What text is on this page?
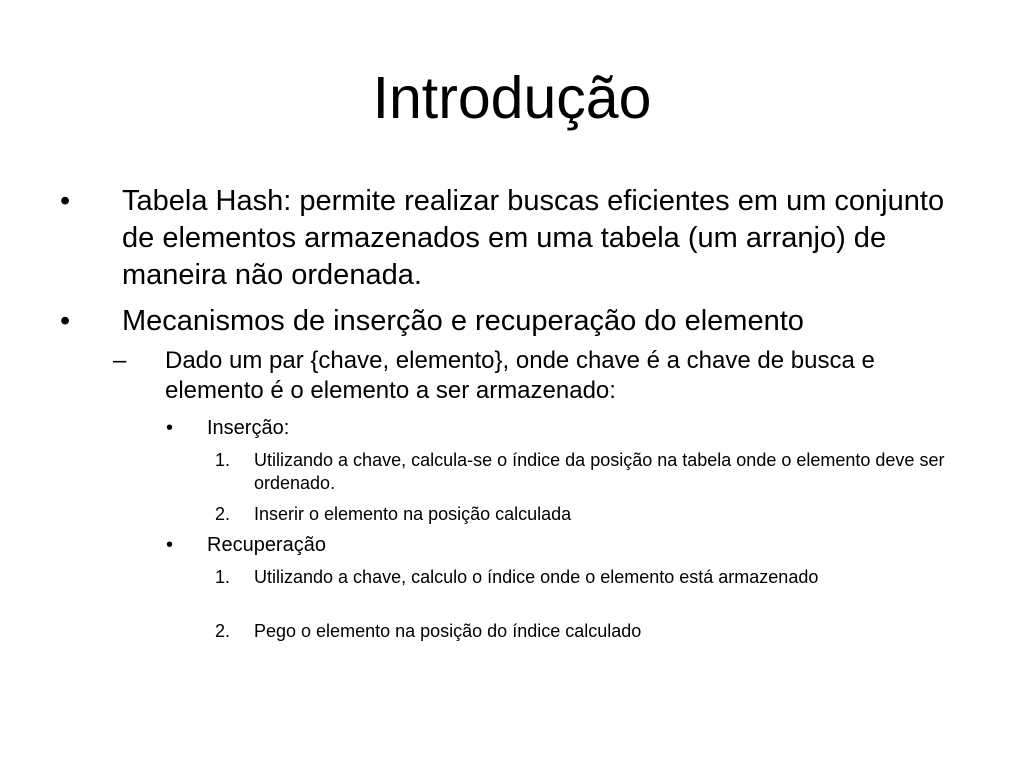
Introdução
• Tabela Hash: permite realizar buscas eficientes em um conjunto de elementos armazenados em uma tabela (um arranjo) de maneira não ordenada.
• Mecanismos de inserção e recuperação do elemento
– Dado um par {chave, elemento}, onde chave é a chave de busca e elemento é o elemento a ser armazenado:
• Inserção:
1. Utilizando a chave, calcula-se o índice da posição na tabela onde o elemento deve ser ordenado.
2. Inserir o elemento na posição calculada
• Recuperação
1. Utilizando a chave, calculo o índice onde o elemento está armazenado
2. Pego o elemento na posição do índice calculado
